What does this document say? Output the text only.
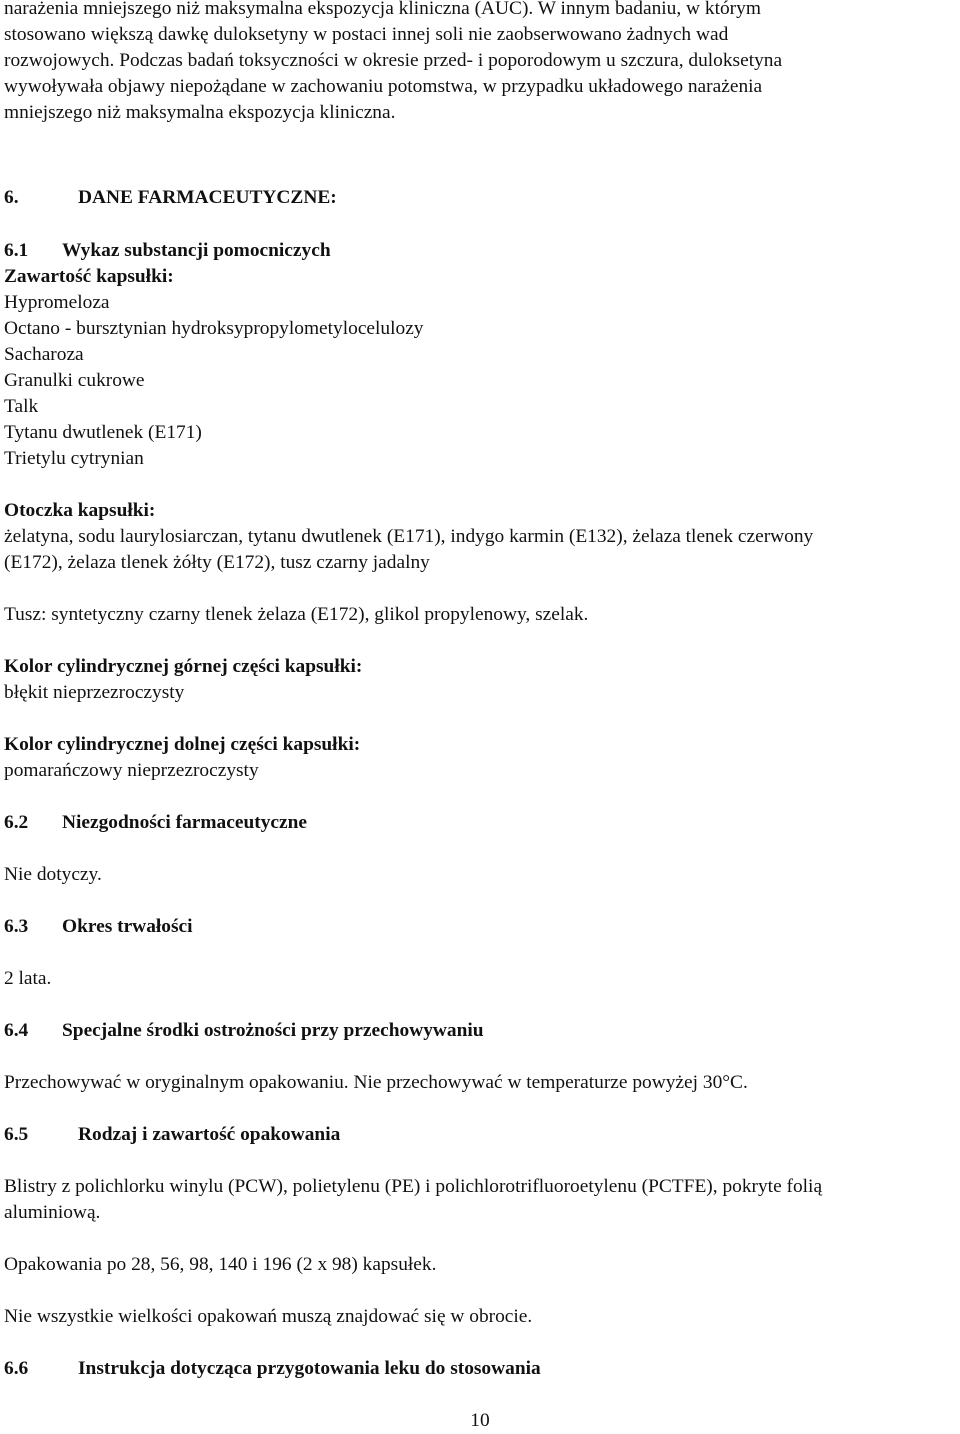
narażenia mniejszego niż maksymalna ekspozycja kliniczna (AUC). W innym badaniu, w którym

stosowano większą dawkę duloksetyny w postaci innej soli nie zaobserwowano żadnych wad

rozwojowych. Podczas badań toksyczności w okresie przed- i poporodowym u szczura, duloksetyna

wywoływała objawy niepożądane w zachowaniu potomstwa, w przypadku układowego narażenia

mniejszego niż maksymalna ekspozycja kliniczna.

6.	DANE FARMACEUTYCZNE:

6.1 Wykaz substancji pomocniczych

Zawartość kapsułki:

Hypromeloza

Octano - bursztynian hydroksypropylometylocelulozy

Sacharoza

Granulki cukrowe

Talk

Tytanu dwutlenek (E171)

Trietylu cytrynian

Otoczka kapsułki:

żelatyna, sodu laurylosiarczan, tytanu dwutlenek (E171), indygo karmin (E132), żelaza tlenek czerwony

(E172), żelaza tlenek żółty (E172), tusz czarny jadalny

Tusz: syntetyczny czarny tlenek żelaza (E172), glikol propylenowy, szelak.

Kolor cylindrycznej górnej części kapsułki:

błękit nieprzezroczysty

Kolor cylindrycznej dolnej części kapsułki:

pomarańczowy nieprzezroczysty

6.2 Niezgodności farmaceutyczne

Nie dotyczy.

6.3 Okres trwałości

2 lata.

6.4 Specjalne środki ostrożności przy przechowywaniu

Przechowywać w oryginalnym opakowaniu. Nie przechowywać w temperaturze powyżej 30°C.

6.5	Rodzaj i zawartość opakowania

Blistry z polichlorku winylu (PCW), polietylenu (PE) i polichlorotrifluoroetylenu (PCTFE), pokryte folią

aluminiową.

Opakowania po 28, 56, 98, 140 i 196 (2 x 98) kapsułek.

Nie wszystkie wielkości opakowań muszą znajdować się w obrocie.

6.6	Instrukcja dotycząca przygotowania leku do stosowania

10
